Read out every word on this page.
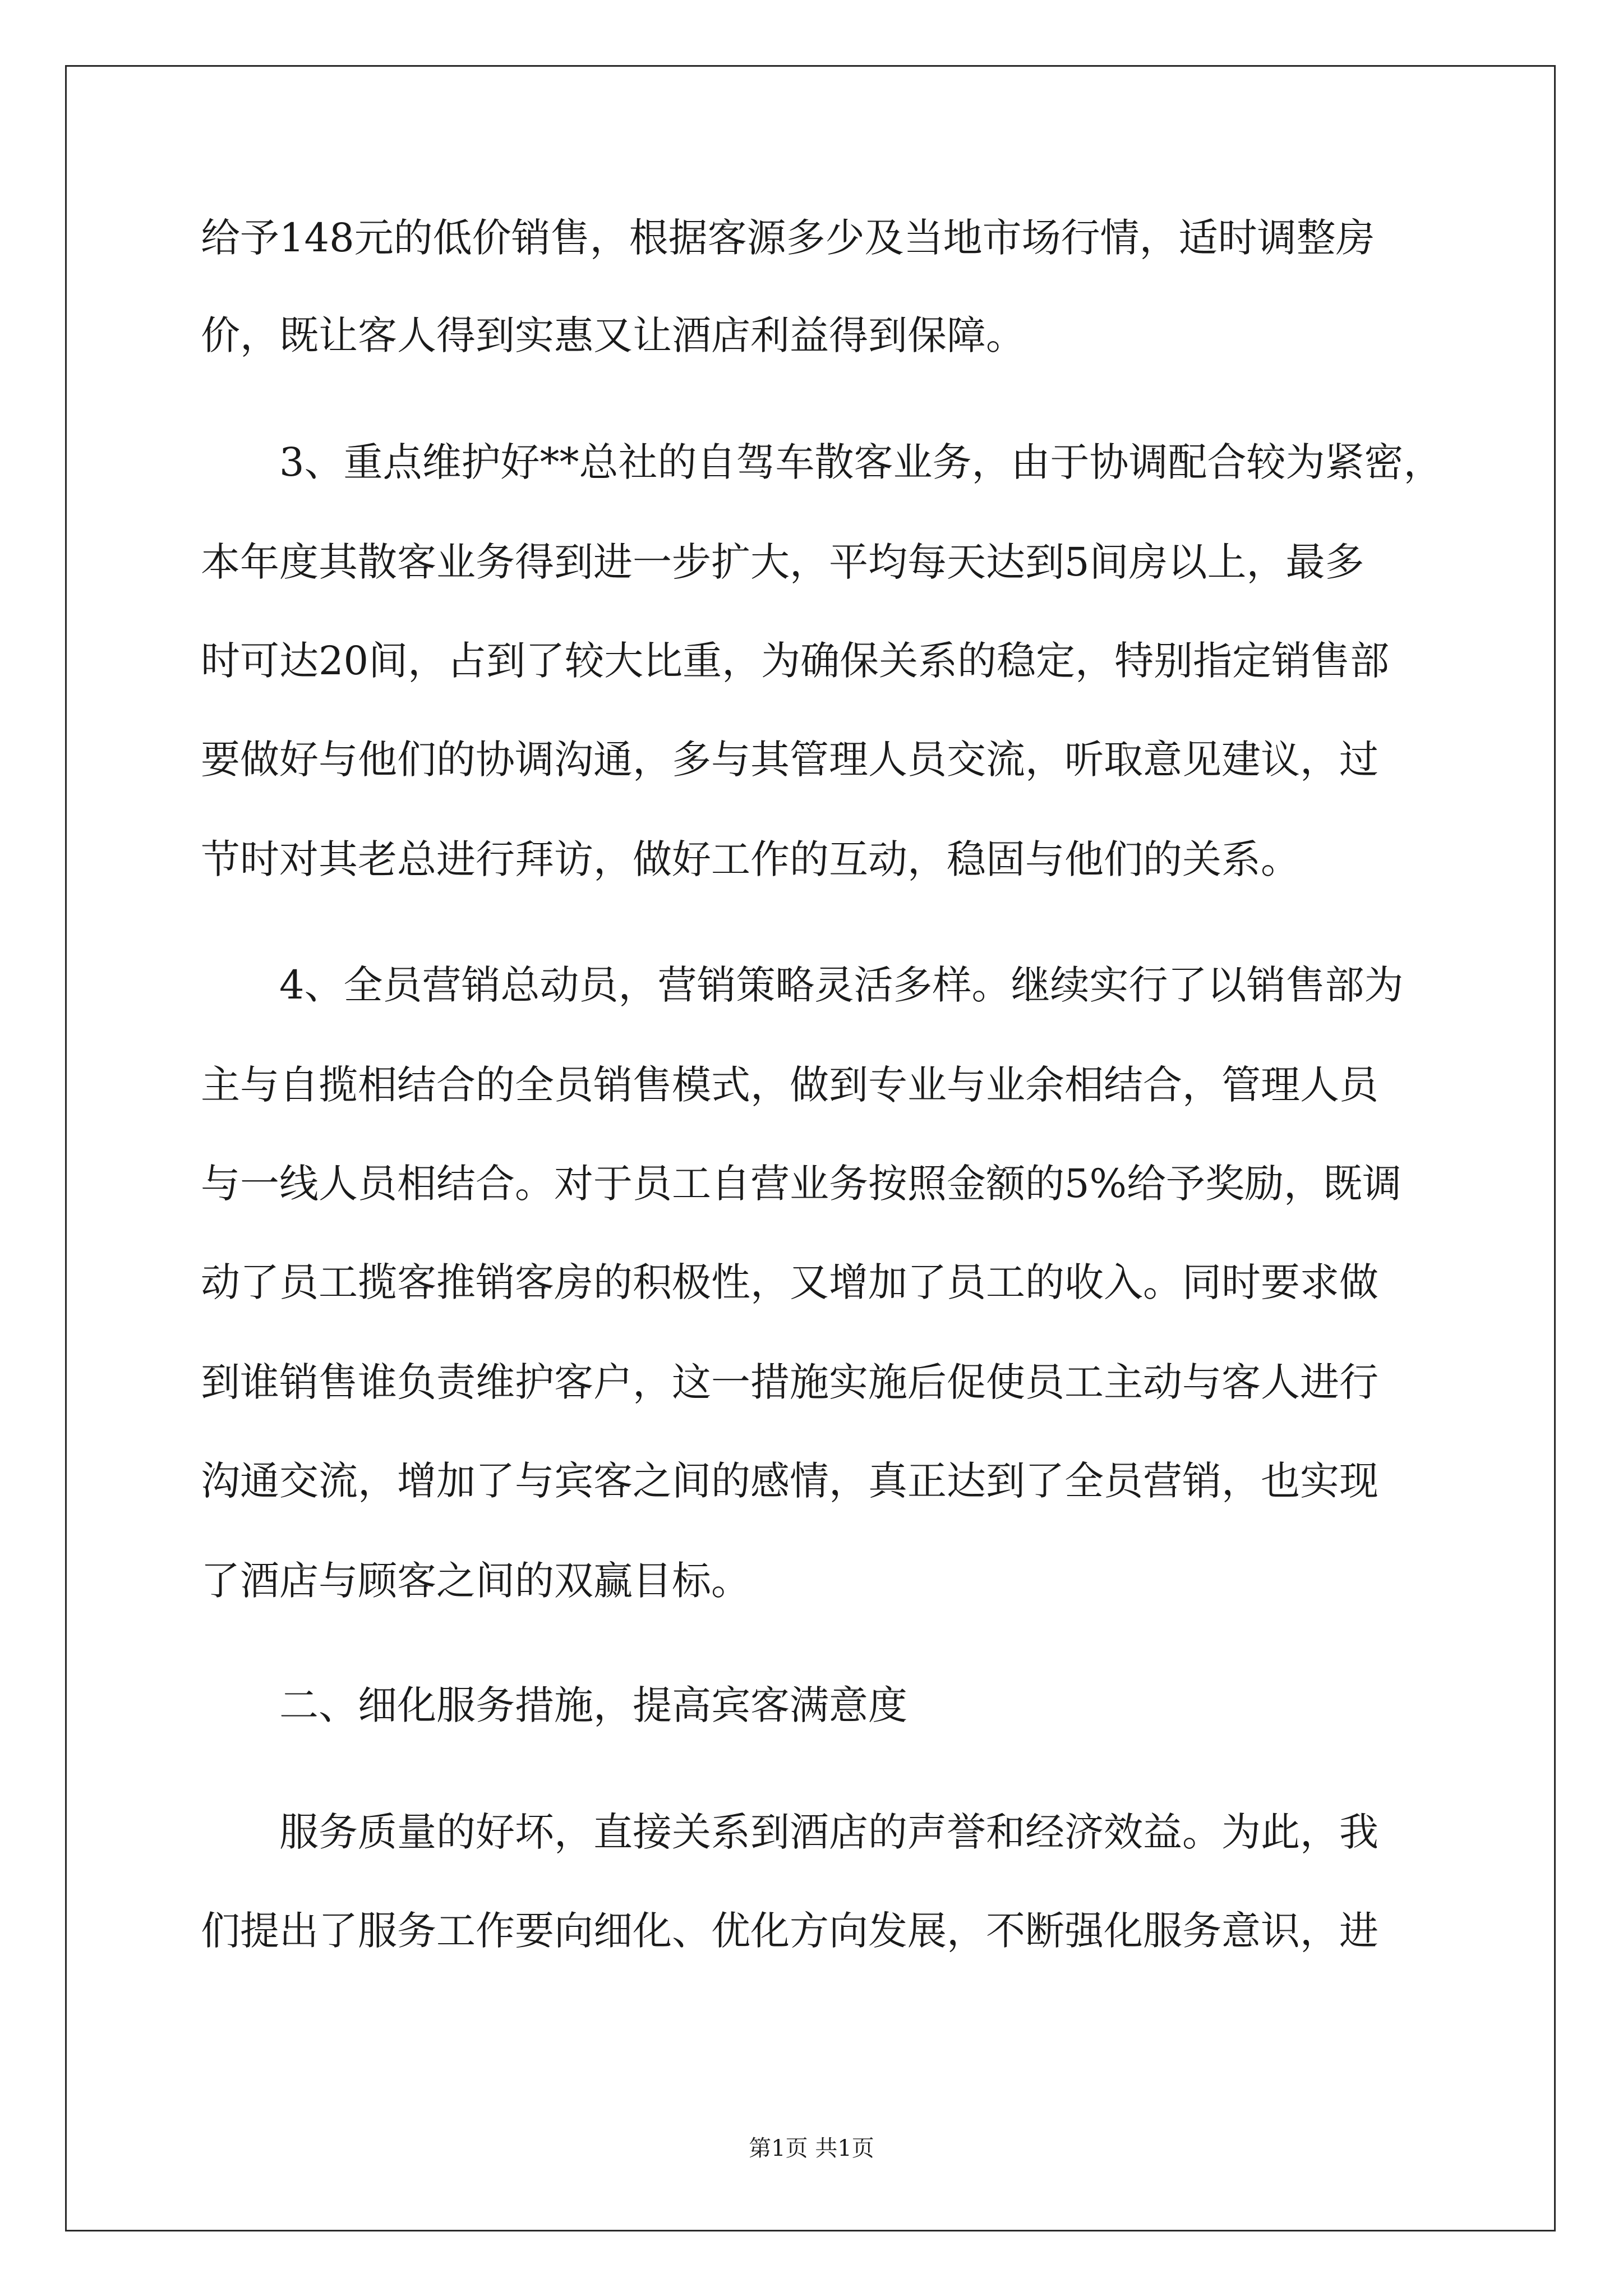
给予148元的低价销售，根据客源多少及当地市场行情，适时调整房
价，既让客人得到实惠又让酒店利益得到保障。
3、重点维护好**总社的自驾车散客业务，由于协调配合较为紧密，
本年度其散客业务得到进一步扩大，平均每天达到5间房以上，最多
时可达20间，占到了较大比重，为确保关系的稳定，特别指定销售部
要做好与他们的协调沟通，多与其管理人员交流，听取意见建议，过
节时对其老总进行拜访，做好工作的互动，稳固与他们的关系。
4、全员营销总动员，营销策略灵活多样。继续实行了以销售部为
主与自揽相结合的全员销售模式，做到专业与业余相结合，管理人员
与一线人员相结合。对于员工自营业务按照金额的5%给予奖励，既调
动了员工揽客推销客房的积极性，又增加了员工的收入。同时要求做
到谁销售谁负责维护客户，这一措施实施后促使员工主动与客人进行
沟通交流，增加了与宾客之间的感情，真正达到了全员营销，也实现
了酒店与顾客之间的双赢目标。
二、细化服务措施，提高宾客满意度
服务质量的好坏，直接关系到酒店的声誉和经济效益。为此，我
们提出了服务工作要向细化、优化方向发展，不断强化服务意识，进
第1页 共1页
